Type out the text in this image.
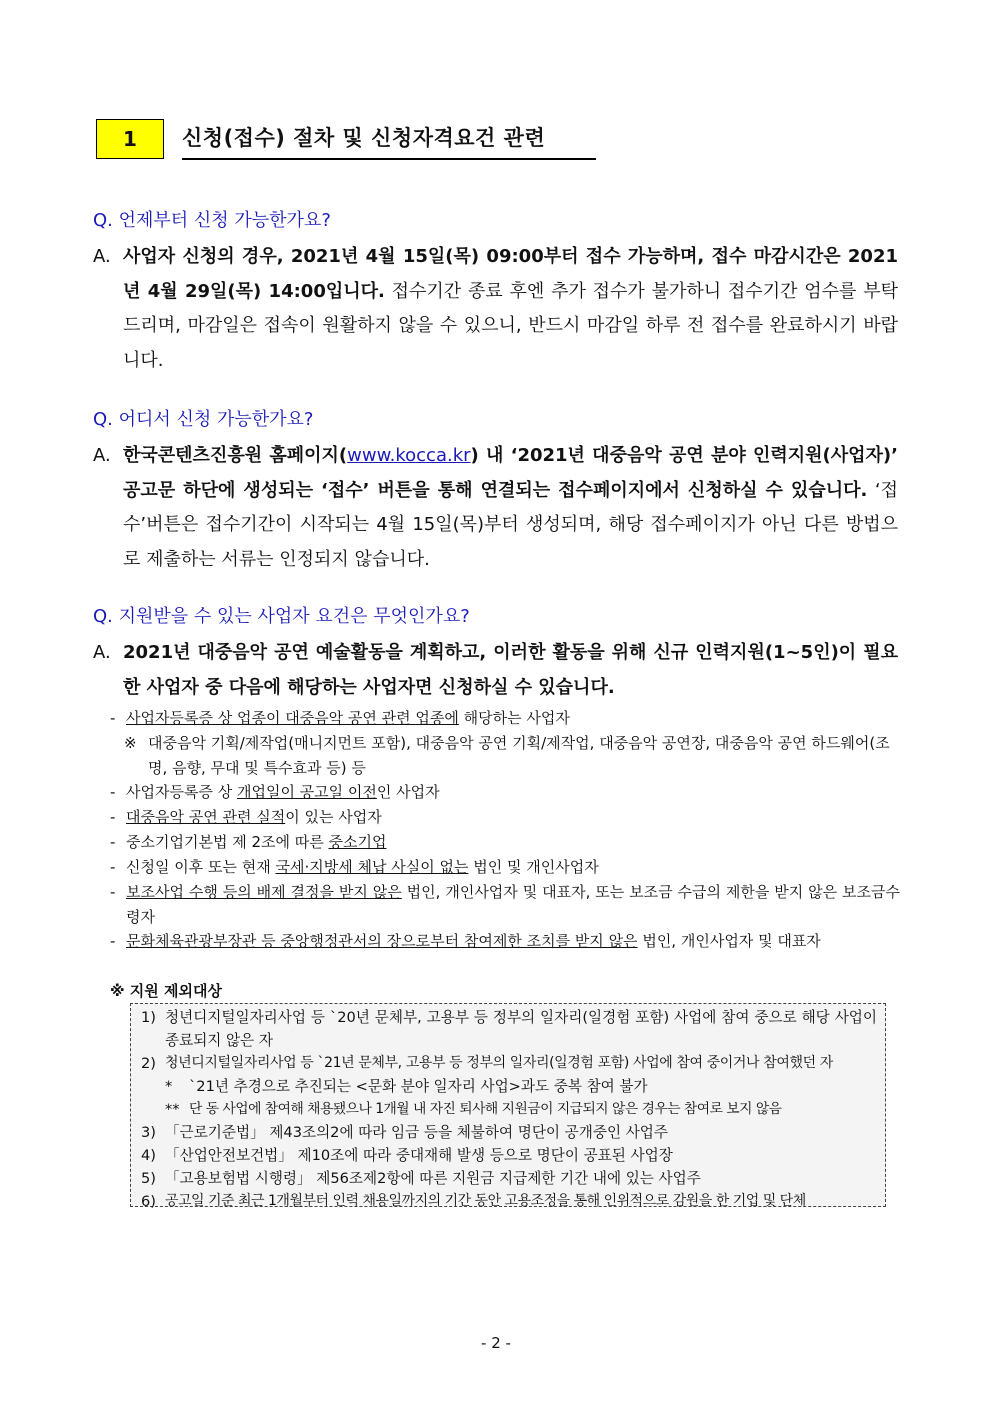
1	신청(접수) 절차 및 신청자격요건 관련
Q. 언제부터 신청 가능한가요?
A. 사업자 신청의 경우, 2021년 4월 15일(목) 09:00부터 접수 가능하며, 접수 마감시간은 2021년 4월 29일(목) 14:00입니다. 접수기간 종료 후엔 추가 접수가 불가하니 접수기간 엄수를 부탁드리며, 마감일은 접속이 원활하지 않을 수 있으니, 반드시 마감일 하루 전 접수를 완료하시기 바랍니다.
Q. 어디서 신청 가능한가요?
A. 한국콘텐츠진흥원 홈페이지(www.kocca.kr) 내 ‘2021년 대중음악 공연 분야 인력지원(사업자)’ 공고문 하단에 생성되는 ‘접수’ 버튼을 통해 연결되는 접수페이지에서 신청하실 수 있습니다. ‘접수’버튼은 접수기간이 시작되는 4월 15일(목)부터 생성되며, 해당 접수페이지가 아닌 다른 방법으로 제출하는 서류는 인정되지 않습니다.
Q. 지원받을 수 있는 사업자 요건은 무엇인가요?
A. 2021년 대중음악 공연 예술활동을 계획하고, 이러한 활동을 위해 신규 인력지원(1~5인)이 필요한 사업자 중 다음에 해당하는 사업자면 신청하실 수 있습니다.
- 사업자등록증 상 업종이 대중음악 공연 관련 업종에 해당하는 사업자
※ 대중음악 기획/제작업(매니지먼트 포함), 대중음악 공연 기획/제작업, 대중음악 공연장, 대중음악 공연 하드웨어(조명, 음향, 무대 및 특수효과 등) 등
- 사업자등록증 상 개업일이 공고일 이전인 사업자
- 대중음악 공연 관련 실적이 있는 사업자
- 중소기업기본법 제 2조에 따른 중소기업
- 신청일 이후 또는 현재 국세·지방세 체납 사실이 없는 법인 및 개인사업자
- 보조사업 수행 등의 배제 결정을 받지 않은 법인, 개인사업자 및 대표자, 또는 보조금 수급의 제한을 받지 않은 보조금수령자
- 문화체육관광부장관 등 중앙행정관서의 장으로부터 참여제한 조치를 받지 않은 법인, 개인사업자 및 대표자
※ 지원 제외대상
1) 청년디지털일자리사업 등 `20년 문체부, 고용부 등 정부의 일자리(일경험 포함) 사업에 참여 중으로 해당 사업이 종료되지 않은 자
2) 청년디지털일자리사업 등 `21년 문체부, 고용부 등 정부의 일자리(일경험 포함) 사업에 참여 중이거나 참여했던 자
* `21년 추경으로 추진되는 <문화 분야 일자리 사업>과도 중복 참여 불가
** 단 동 사업에 참여해 채용됐으나 1개월 내 자진 퇴사해 지원금이 지급되지 않은 경우는 참여로 보지 않음
3) 「근로기준법」 제43조의2에 따라 임금 등을 체불하여 명단이 공개중인 사업주
4) 「산업안전보건법」 제10조에 따라 중대재해 발생 등으로 명단이 공표된 사업장
5) 「고용보험법 시행령」 제56조제2항에 따른 지원금 지급제한 기간 내에 있는 사업주
6) 공고일 기준 최근 1개월부터 인력 채용일까지의 기간 동안 고용조정을 통해 인위적으로 감원을 한 기업 및 단체
- 2 -
